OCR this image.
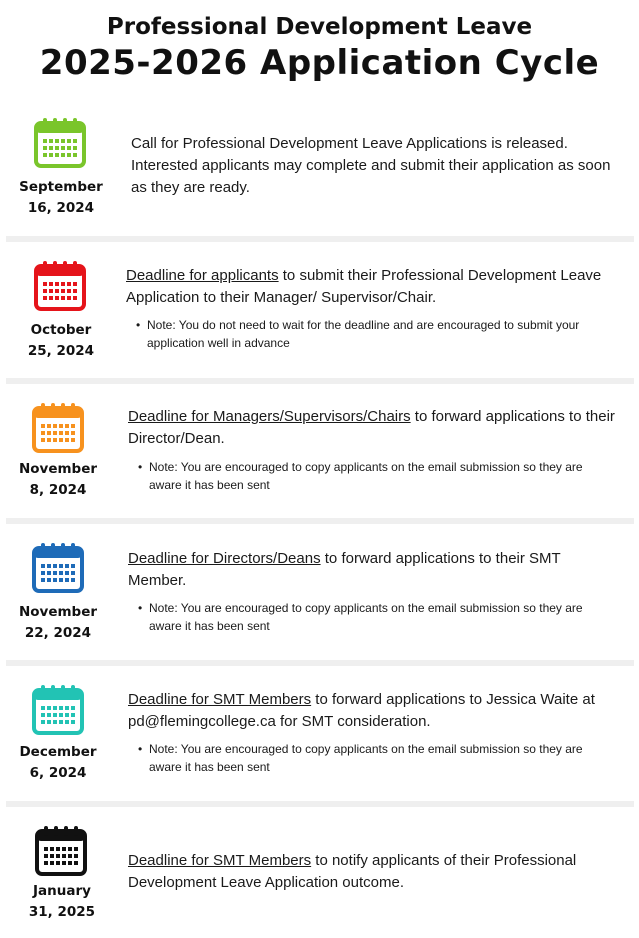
Professional Development Leave
2025-2026 Application Cycle
September
16, 2024
Call for Professional Development Leave Applications is released. Interested applicants may complete and submit their application as soon as they are ready.
October
25, 2024
Deadline for applicants to submit their Professional Development Leave Application to their Manager/ Supervisor/Chair.
• Note: You do not need to wait for the deadline and are encouraged to submit your application well in advance
November
8, 2024
Deadline for Managers/Supervisors/Chairs to forward applications to their Director/Dean.
• Note: You are encouraged to copy applicants on the email submission so they are aware it has been sent
November
22, 2024
Deadline for Directors/Deans to forward applications to their SMT Member.
• Note: You are encouraged to copy applicants on the email submission so they are aware it has been sent
December
6, 2024
Deadline for SMT Members to forward applications to Jessica Waite at pd@flemingcollege.ca for SMT consideration.
• Note: You are encouraged to copy applicants on the email submission so they are aware it has been sent
January
31, 2025
Deadline for SMT Members to notify applicants of their Professional Development Leave Application outcome.
